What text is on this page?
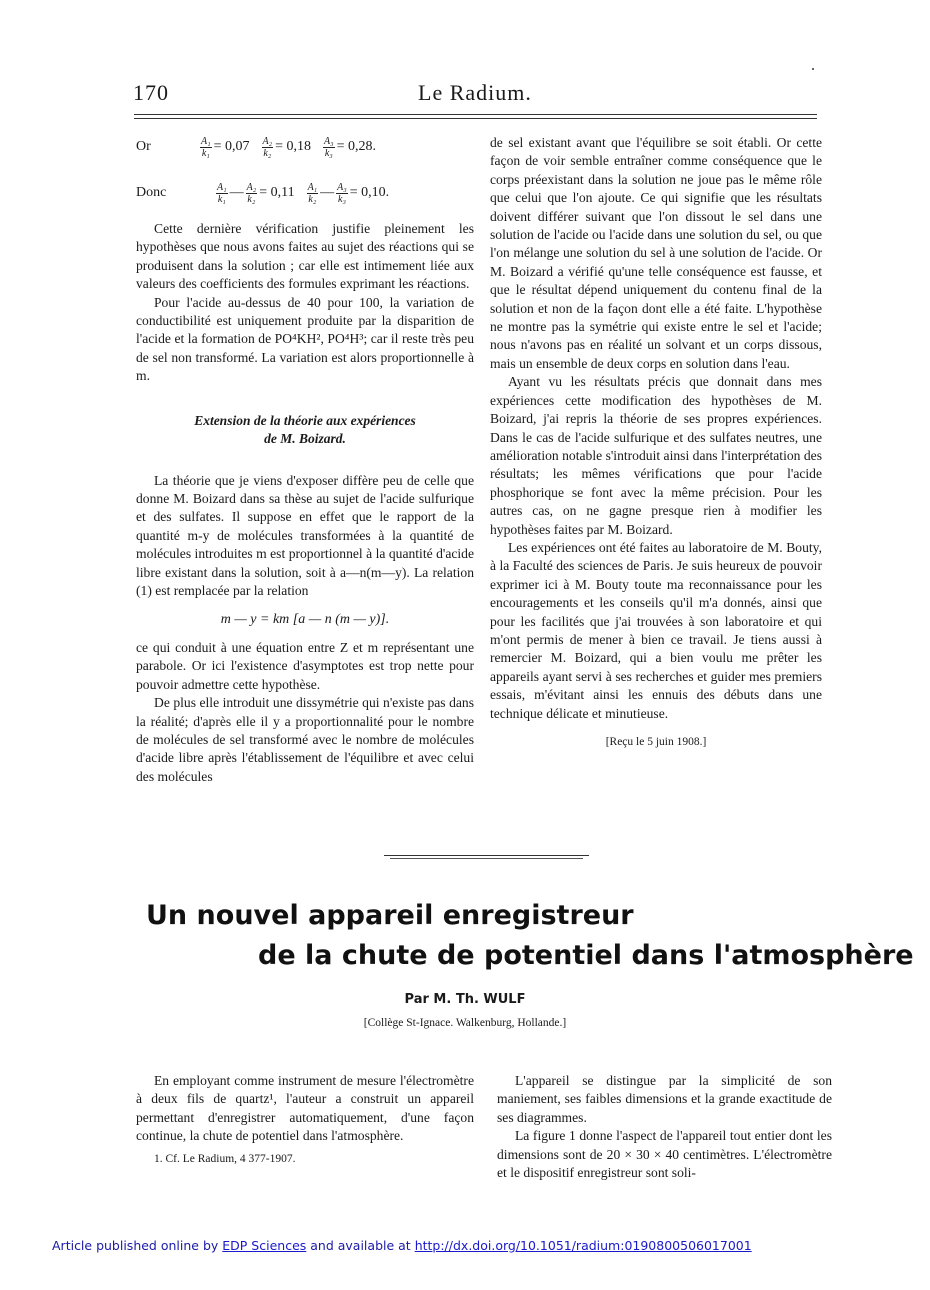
170	Le Radium.
Or	$\frac{\text{A₁}}{\text{k₁}} = 0,07 \frac{\text{A₂}}{\text{k₂}} = 0,18 \frac{\text{A₃}}{\text{k₃}} = 0,28$.
Donc	$\frac{\text{A₁}}{\text{k₁}}$ — $\frac{\text{A₂}}{\text{k₂}} = 0,11 \frac{\text{A₁}}{\text{k₂}}$ — $\frac{\text{A₃}}{\text{k₃}} = 0,10$.

Cette dernière vérification justifie pleinement les hypothèses que nous avons faites au sujet des réactions qui se produisent dans la solution ; car elle est intimement liée aux valeurs des coefficients des formules exprimant les réactions.

Pour l'acide au-dessus de 40 pour 100, la variation de conductibilité est uniquement produite par la disparition de l'acide et la formation de PO⁴KH², PO⁴H³; car il reste très peu de sel non transformé. La variation est alors proportionnelle à m.

Extension de la théorie aux expériences
de M. Boizard.

La théorie que je viens d'exposer diffère peu de celle que donne M. Boizard dans sa thèse au sujet de l'acide sulfurique et des sulfates. Il suppose en effet que le rapport de la quantité m-y de molécules transformées à la quantité de molécules introduites m est proportionnel à la quantité d'acide libre existant dans la solution, soit à a—n(m—y). La relation (1) est remplacée par la relation

m — y = km [a — n (m — y)].

ce qui conduit à une équation entre Z et m représentant une parabole. Or ici l'existence d'asymptotes est trop nette pour pouvoir admettre cette hypothèse.

De plus elle introduit une dissymétrie qui n'existe pas dans la réalité; d'après elle il y a proportionnalité pour le nombre de molécules de sel transformé avec le nombre de molécules d'acide libre après l'établissement de l'équilibre et avec celui des molécules

de sel existant avant que l'équilibre se soit établi. Or cette façon de voir semble entraîner comme conséquence que le corps préexistant dans la solution ne joue pas le même rôle que celui que l'on ajoute. Ce qui signifie que les résultats doivent différer suivant que l'on dissout le sel dans une solution de l'acide ou l'acide dans une solution du sel, ou que l'on mélange une solution du sel à une solution de l'acide. Or M. Boizard a vérifié qu'une telle conséquence est fausse, et que le résultat dépend uniquement du contenu final de la solution et non de la façon dont elle a été faite. L'hypothèse ne montre pas la symétrie qui existe entre le sel et l'acide; nous n'avons pas en réalité un solvant et un corps dissous, mais un ensemble de deux corps en solution dans l'eau.

Ayant vu les résultats précis que donnait dans mes expériences cette modification des hypothèses de M. Boizard, j'ai repris la théorie de ses propres expériences. Dans le cas de l'acide sulfurique et des sulfates neutres, une amélioration notable s'introduit ainsi dans l'interprétation des résultats; les mêmes vérifications que pour l'acide phosphorique se font avec la même précision. Pour les autres cas, on ne gagne presque rien à modifier les hypothèses faites par M. Boizard.

Les expériences ont été faites au laboratoire de M. Bouty, à la Faculté des sciences de Paris. Je suis heureux de pouvoir exprimer ici à M. Bouty toute ma reconnaissance pour les encouragements et les conseils qu'il m'a donnés, ainsi que pour les facilités que j'ai trouvées à son laboratoire et qui m'ont permis de mener à bien ce travail. Je tiens aussi à remercier M. Boizard, qui a bien voulu me prêter les appareils ayant servi à ses recherches et guider mes premiers essais, m'évitant ainsi les ennuis des débuts dans une technique délicate et minutieuse.

[Reçu le 5 juin 1908.]
Un nouvel appareil enregistreur
de la chute de potentiel dans l'atmosphère
Par M. Th. WULF
[Collège St-Ignace. Walkenburg, Hollande.]

En employant comme instrument de mesure l'électromètre à deux fils de quartz¹, l'auteur a construit un appareil permettant d'enregistrer automatiquement, d'une façon continue, la chute de potentiel dans l'atmosphère.

1. Cf. Le Radium, 4 377-1907.

L'appareil se distingue par la simplicité de son maniement, ses faibles dimensions et la grande exactitude de ses diagrammes.

La figure 1 donne l'aspect de l'appareil tout entier dont les dimensions sont de 20 × 30 × 40 centimètres. L'électromètre et le dispositif enregistreur sont soli-

Article published online by EDP Sciences and available at http://dx.doi.org/10.1051/radium:0190800506017001
